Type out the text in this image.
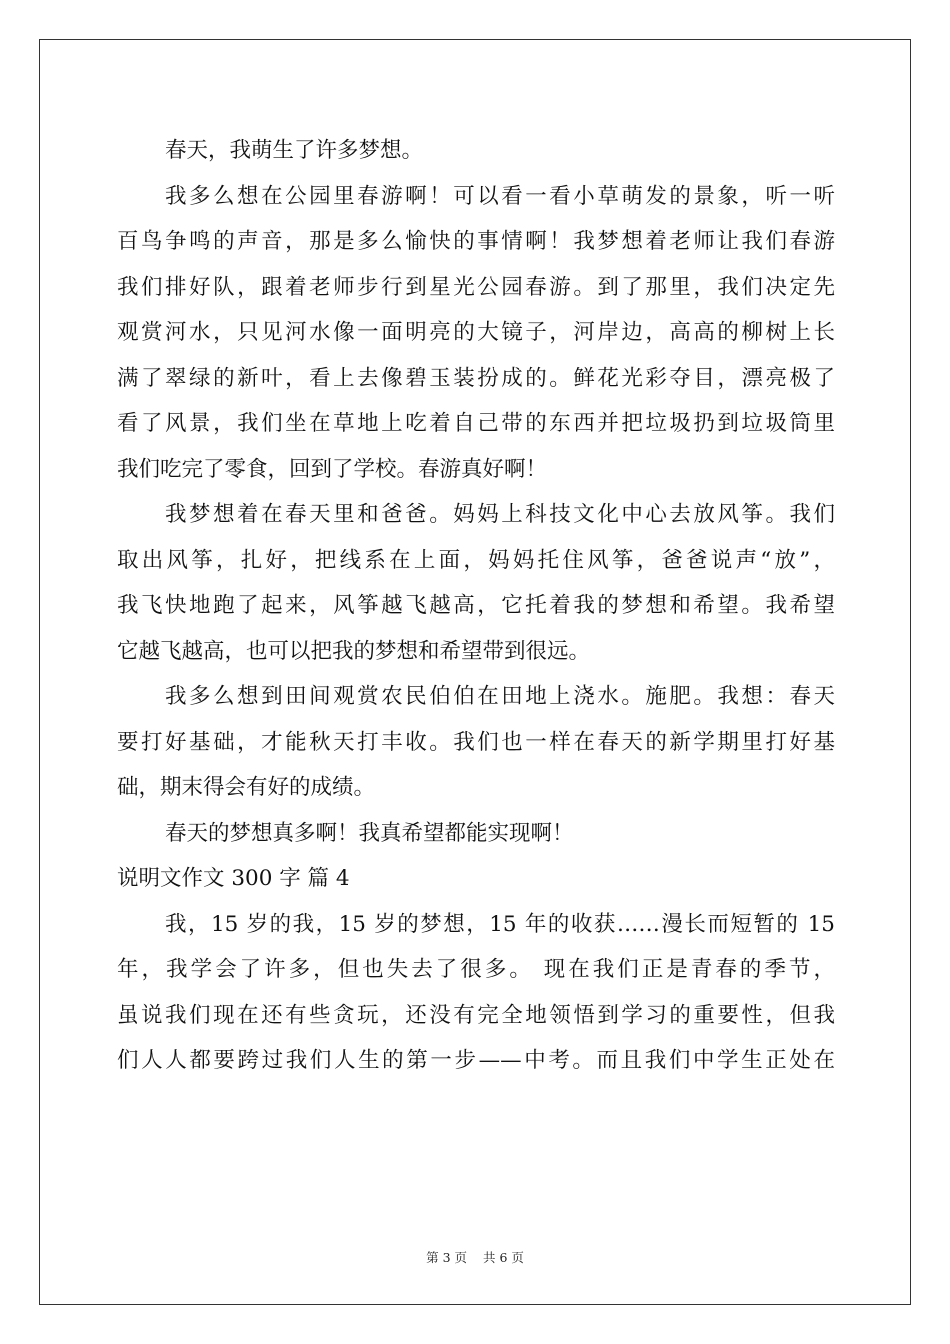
春天，我萌生了许多梦想。
我多么想在公园里春游啊！可以看一看小草萌发的景象，听一听
百鸟争鸣的声音，那是多么愉快的事情啊！我梦想着老师让我们春游
我们排好队，跟着老师步行到星光公园春游。到了那里，我们决定先
观赏河水，只见河水像一面明亮的大镜子，河岸边，高高的柳树上长
满了翠绿的新叶，看上去像碧玉装扮成的。鲜花光彩夺目，漂亮极了
看了风景，我们坐在草地上吃着自己带的东西并把垃圾扔到垃圾筒里
我们吃完了零食，回到了学校。春游真好啊！
我梦想着在春天里和爸爸。妈妈上科技文化中心去放风筝。我们
取出风筝，扎好，把线系在上面，妈妈托住风筝，爸爸说声“放”，
我飞快地跑了起来，风筝越飞越高，它托着我的梦想和希望。我希望
它越飞越高，也可以把我的梦想和希望带到很远。
我多么想到田间观赏农民伯伯在田地上浇水。施肥。我想：春天
要打好基础，才能秋天打丰收。我们也一样在春天的新学期里打好基
础，期末得会有好的成绩。
春天的梦想真多啊！我真希望都能实现啊！
说明文作文 300 字 篇 4
我，15 岁的我，15 岁的梦想，15 年的收获……漫长而短暂的 15
年，我学会了许多，但也失去了很多。 现在我们正是青春的季节，
虽说我们现在还有些贪玩，还没有完全地领悟到学习的重要性，但我
们人人都要跨过我们人生的第一步——中考。而且我们中学生正处在
第 3 页 共 6 页
